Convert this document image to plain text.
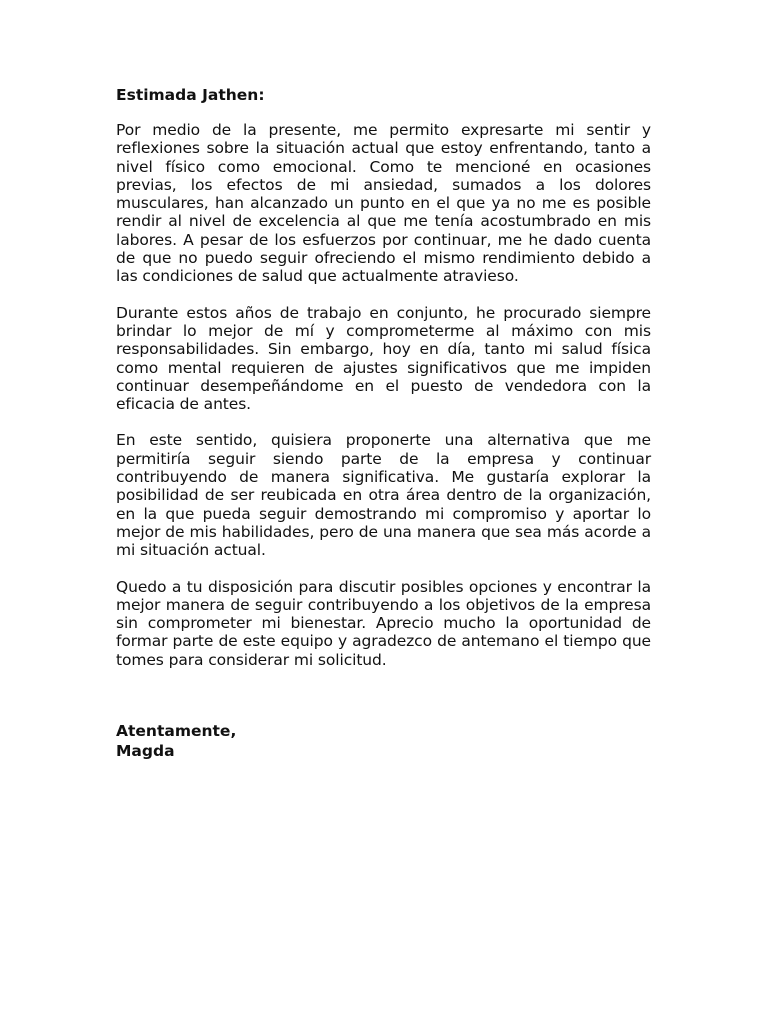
Estimada Jathen:

Por medio de la presente, me permito expresarte mi sentir y reflexiones sobre la situación actual que estoy enfrentando, tanto a nivel físico como emocional. Como te mencioné en ocasiones previas, los efectos de mi ansiedad, sumados a los dolores musculares, han alcanzado un punto en el que ya no me es posible rendir al nivel de excelencia al que me tenía acostumbrado en mis labores. A pesar de los esfuerzos por continuar, me he dado cuenta de que no puedo seguir ofreciendo el mismo rendimiento debido a las condiciones de salud que actualmente atravieso.

Durante estos años de trabajo en conjunto, he procurado siempre brindar lo mejor de mí y comprometerme al máximo con mis responsabilidades. Sin embargo, hoy en día, tanto mi salud física como mental requieren de ajustes significativos que me impiden continuar desempeñándome en el puesto de vendedora con la eficacia de antes.

En este sentido, quisiera proponerte una alternativa que me permitiría seguir siendo parte de la empresa y continuar contribuyendo de manera significativa. Me gustaría explorar la posibilidad de ser reubicada en otra área dentro de la organización, en la que pueda seguir demostrando mi compromiso y aportar lo mejor de mis habilidades, pero de una manera que sea más acorde a mi situación actual.

Quedo a tu disposición para discutir posibles opciones y encontrar la mejor manera de seguir contribuyendo a los objetivos de la empresa sin comprometer mi bienestar. Aprecio mucho la oportunidad de formar parte de este equipo y agradezco de antemano el tiempo que tomes para considerar mi solicitud.

Atentamente,
Magda
